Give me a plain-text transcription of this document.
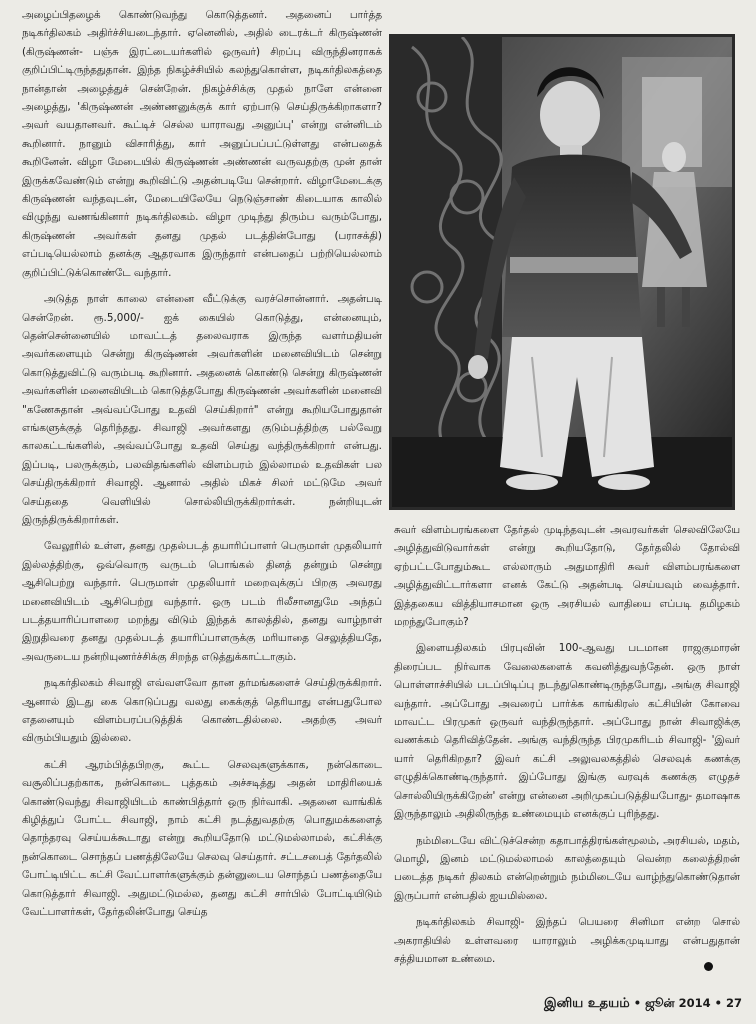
அழைப்பிதழைக் கொண்டுவந்து கொடுத்தனர். அதனைப் பார்த்த நடிகர்திலகம் அதிர்ச்சியடைந்தார். ஏனெனில், அதில் டைரக்டர் கிருஷ்ணன் (கிருஷ்ணன்- பஞ்சு இரட்டையர்களில் ஒருவர்) சிறப்பு விருந்தினராகக் குறிப்பிட்டிருந்ததுதான். இந்த நிகழ்ச்சியில் கலந்துகொள்ள, நடிகர்திலகத்தை நான்தான் அழைத்துச் சென்றேன். நிகழ்ச்சிக்கு முதல் நாளே என்னை அழைத்து, 'கிருஷ்ணன் அண்ணனுக்குக் கார் ஏற்பாடு செய்திருக்கிறாகளா? அவர் வயதானவர். கூட்டிச் செல்ல யாராவது அனுப்பு' என்று என்னிடம் கூறினார். நானும் விசாரித்து, கார் அனுப்பப்பட்டுள்ளது என்பதைக் கூறினேன். விழா மேடையில் கிருஷ்ணன் அண்ணன் வருவதற்கு முன் தான் இருக்கவேண்டும் என்று கூறிவிட்டு அதன்படியே சென்றார். விழாமேடைக்கு கிருஷ்ணன் வந்தவுடன், மேடையிலேயே நெடுஞ்சாண் கிடையாக காலில் விழுந்து வணங்கினார் நடிகர்திலகம். விழா முடிந்து திரும்ப வரும்போது, கிருஷ்ணன் அவர்கள் தனது முதல் படத்தின்போது (பராசக்தி) எப்படியெல்லாம் தனக்கு ஆதரவாக இருந்தார் என்பதைப் பற்றியெல்லாம் குறிப்பிட்டுக்கொண்டே வந்தார்.

அடுத்த நாள் காலை என்னை வீட்டுக்கு வரச்சொன்னார். அதன்படி சென்றேன். ரூ.5,000/- ஐக் கையில் கொடுத்து, என்னையும், தென்சென்னையில் மாவட்டத் தலைவராக இருந்த வளர்மதியன் அவர்களையும் சென்று கிருஷ்ணன் அவர்களின் மனைவியிடம் சென்று கொடுத்துவிட்டு வரும்படி கூறினார். அதனைக் கொண்டு சென்று கிருஷ்ணன் அவர்களின் மனைவியிடம் கொடுத்தபோது கிருஷ்ணன் அவர்களின் மனைவி "கணேசுதான் அவ்வப்போது உதவி செய்கிறார்" என்று கூறியபோதுதான் எங்களுக்குத் தெரிந்தது. சிவாஜி அவர்களது குடும்பத்திற்கு பல்வேறு காலகட்டங்களில், அவ்வப்போது உதவி செய்து வந்திருக்கிறார் என்பது. இப்படி, பலருக்கும், பலவிதங்களில் விளம்பரம் இல்லாமல் உதவிகள் பல செய்திருக்கிறார் சிவாஜி. ஆனால் அதில் மிகச் சிலர் மட்டுமே அவர் செய்ததை வெளியில் சொல்லியிருக்கிறார்கள். நன்றியுடன் இருந்திருக்கிறார்கள்.

வேலூரில் உள்ள, தனது முதல்படத் தயாரிப்பாளர் பெருமாள் முதலியார் இல்லத்திற்கு, ஒவ்வொரு வருடம் பொங்கல் தினத் தன்றும் சென்று ஆசிபெற்று வந்தார். பெருமாள் முதலியார் மறைவுக்குப் பிறகு அவரது மனைவியிடம் ஆசிபெற்று வந்தார். ஒரு படம் ரிலீசானதுமே அந்தப் படத்தயாரிப்பாளரை மறந்து விடும் இந்தக் காலத்தில், தனது வாழ்நாள் இறுதிவரை தனது முதல்படத் தயாரிப்பாளருக்கு மரியாதை செலுத்தியதே, அவருடைய நன்றியுணர்ச்சிக்கு சிறந்த எடுத்துக்காட்டாகும்.

நடிகர்திலகம் சிவாஜி எவ்வளவோ தான தர்மங்களைச் செய்திருக்கிறார். ஆனால் இடது கை கொடுப்பது வலது கைக்குத் தெரியாது என்பதுபோல எதனையும் விளம்பரப்படுத்திக் கொண்டதில்லை. அதற்கு அவர் விரும்பியதும் இல்லை.

கட்சி ஆரம்பித்தபிறகு, கூட்ட செலவுகளுக்காக, நன்கொடை வசூலிப்பதற்காக, நன்கொடை புத்தகம் அச்சடித்து அதன் மாதிரியைக் கொண்டுவந்து சிவாஜியிடம் காண்பித்தார் ஒரு நிர்வாகி. அதனை வாங்கிக் கிழித்துப் போட்ட சிவாஜி, நாம் கட்சி நடத்துவதற்கு பொதுமக்களைத் தொந்தரவு செய்யக்கூடாது என்று கூறியதோடு மட்டுமல்லாமல், கட்சிக்கு நன்கொடை சொந்தப் பணத்திலேயே செலவு செய்தார். சட்டசபைத் தேர்தலில் போட்டியிட்ட கட்சி வேட்பாளர்களுக்கும் தன்னுடைய சொந்தப் பணத்தையே கொடுத்தார் சிவாஜி. அதுமட்டுமல்ல, தனது கட்சி சார்பில் போட்டியிடும் வேட்பாளர்கள், தேர்தலின்போது செய்த

சுவர் விளம்பரங்களை தேர்தல் முடிந்தவுடன் அவரவர்கள் செலவிலேயே அழித்துவிடுவார்கள் என்று கூறியதோடு, தேர்தலில் தோல்வி ஏற்பட்டபோதும்கூட எல்லாரும் அதுமாதிரி சுவர் விளம்பரங்களை அழித்துவிட்டார்களா எனக் கேட்டு அதன்படி செய்யவும் வைத்தார். இத்தகைய வித்தியாசமான ஒரு அரசியல் வாதியை எப்படி தமிழகம் மறந்துபோகும்?

இளையதிலகம் பிரபுவின் 100-ஆவது படமான ராஜகுமாரன் திரைப்பட நிர்வாக வேலைகளைக் கவனித்துவந்தேன். ஒரு நாள் பொள்ளாச்சியில் படப்பிடிப்பு நடந்துகொண்டிருந்தபோது, அங்கு சிவாஜி வந்தார். அப்போது அவரைப் பார்க்க காங்கிரஸ் கட்சியின் கோவை மாவட்ட பிரமுகர் ஒருவர் வந்திருந்தார். அப்போது நான் சிவாஜிக்கு வணக்கம் தெரிவித்தேன். அங்கு வந்திருந்த பிரமுகரிடம் சிவாஜி- 'இவர் யார் தெரிகிறதா? இவர் கட்சி அலுவலகத்தில் செலவுக் கணக்கு எழுதிக்கொண்டிருந்தார். இப்போது இங்கு வரவுக் கணக்கு எழுதச் சொல்லியிருக்கிறேன்' என்று என்னை அறிமுகப்படுத்தியபோது- தமாஷாக இருந்தாலும் அதிலிருந்த உண்மையும் எனக்குப் புரிந்தது.

நம்மிடையே விட்டுச்சென்ற கதாபாத்திரங்கள்மூலம், அரசியல், மதம், மொழி, இனம் மட்டுமல்லாமல் காலத்தையும் வென்ற கலைத்திறன் படைத்த நடிகர் திலகம் என்றென்றும் நம்மிடையே வாழ்ந்துகொண்டுதான் இருப்பார் என்பதில் ஐயமில்லை.

நடிகர்திலகம் சிவாஜி- இந்தப் பெயரை சினிமா என்ற சொல் அகராதியில் உள்ளவரை யாராலும் அழிக்கமுடியாது என்பதுதான் சத்தியமான உண்மை.

இனிய உதயம் • ஜூன் 2014 • 27
